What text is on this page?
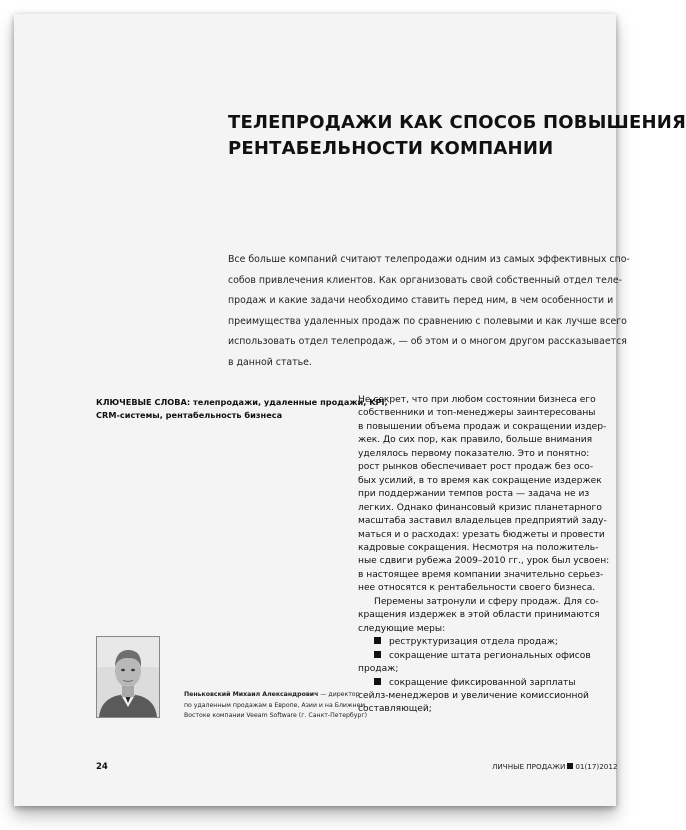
ТЕЛЕПРОДАЖИ КАК СПОСОБ ПОВЫШЕНИЯ
РЕНТАБЕЛЬНОСТИ КОМПАНИИ

Все больше компаний считают телепродажи одним из самых эффективных спо-
собов привлечения клиентов. Как организовать свой собственный отдел теле-
продаж и какие задачи необходимо ставить перед ним, в чем особенности и
преимущества удаленных продаж по сравнению с полевыми и как лучше всего
использовать отдел телепродаж, — об этом и о многом другом рассказывается
в данной статье.

КЛЮЧЕВЫЕ СЛОВА: телепродажи, удаленные продажи, KPI,
CRM-системы, рентабельность бизнеса

Не секрет, что при любом состоянии бизнеса его
собственники и топ-менеджеры заинтересованы
в повышении объема продаж и сокращении издер-
жек. До сих пор, как правило, больше внимания
уделялось первому показателю. Это и понятно:
рост рынков обеспечивает рост продаж без осо-
бых усилий, в то время как сокращение издержек
при поддержании темпов роста — задача не из
легких. Однако финансовый кризис планетарного
масштаба заставил владельцев предприятий заду-
маться и о расходах: урезать бюджеты и провести
кадровые сокращения. Несмотря на положитель-
ные сдвиги рубежа 2009–2010 гг., урок был усвоен:
в настоящее время компании значительно серьез-
нее относятся к рентабельности своего бизнеса.
Перемены затронули и сферу продаж. Для со-
кращения издержек в этой области принимаются
следующие меры:
реструктуризация отдела продаж;
сокращение штата региональных офисов
продаж;
сокращение фиксированной зарплаты
сейлз-менеджеров и увеличение комиссионной
составляющей;
Пеньковский Михаил Александрович — директор
по удаленным продажам в Европе, Азии и на Ближнем
Востоке компании Veeam Software (г. Санкт-Петербург)
24	ЛИЧНЫЕ ПРОДАЖИ 01(17)2012
